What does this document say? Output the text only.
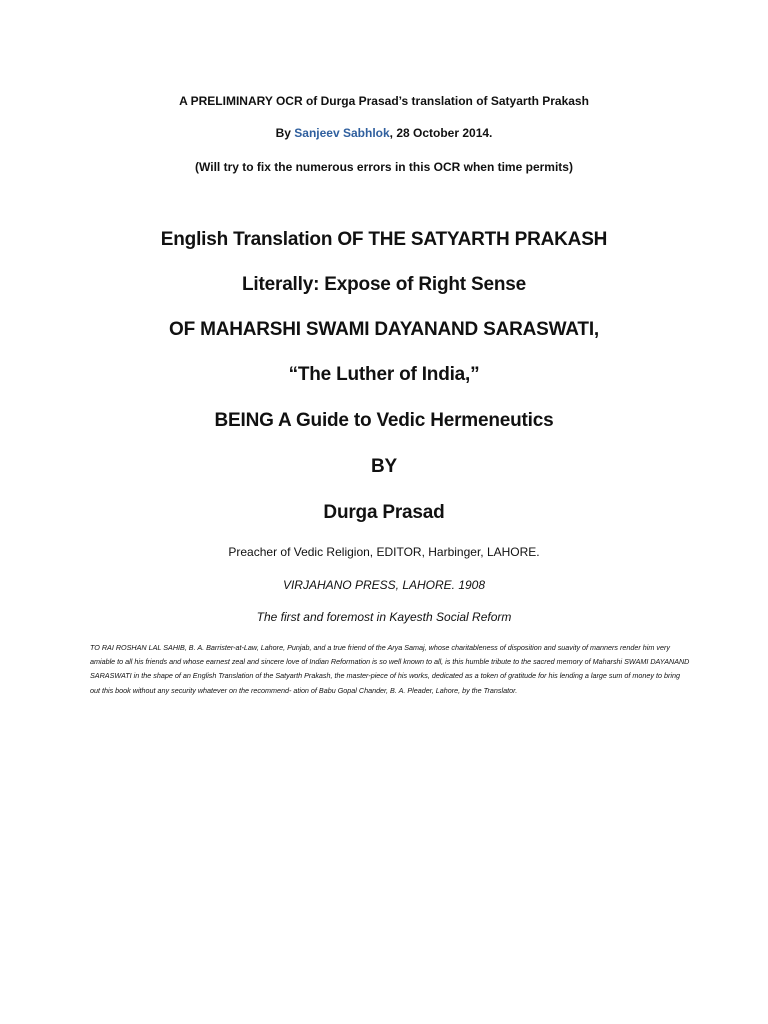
A PRELIMINARY OCR of Durga Prasad’s translation of Satyarth Prakash
By Sanjeev Sabhlok, 28 October 2014.
(Will try to fix the numerous errors in this OCR when time permits)
English Translation OF THE SATYARTH PRAKASH
Literally: Expose of Right Sense
OF MAHARSHI SWAMI DAYANAND SARASWATI,
“The Luther of India,”
BEING A Guide to Vedic Hermeneutics
BY
Durga Prasad
Preacher of Vedic Religion, EDITOR, Harbinger, LAHORE.
VIRJAHANO PRESS, LAHORE. 1908
The first and foremost in Kayesth Social Reform
TO RAI ROSHAN LAL SAHIB, B. A. Barrister-at-Law, Lahore, Punjab, and a true friend of the Arya Samaj, whose charitableness of disposition and suavity of manners render him very amiable to all his friends and whose earnest zeal and sincere love of Indian Reformation is so well known to all, is this humble tribute to the sacred memory of Maharshi SWAMI DAYANAND SARASWATI in the shape of an English Translation of the Satyarth Prakash, the master-piece of his works, dedicated as a token of gratitude for his lending a large sum of money to bring out this book without any security whatever on the recommend- ation of Babu Gopal Chander, B. A. Pleader, Lahore, by the Translator.
